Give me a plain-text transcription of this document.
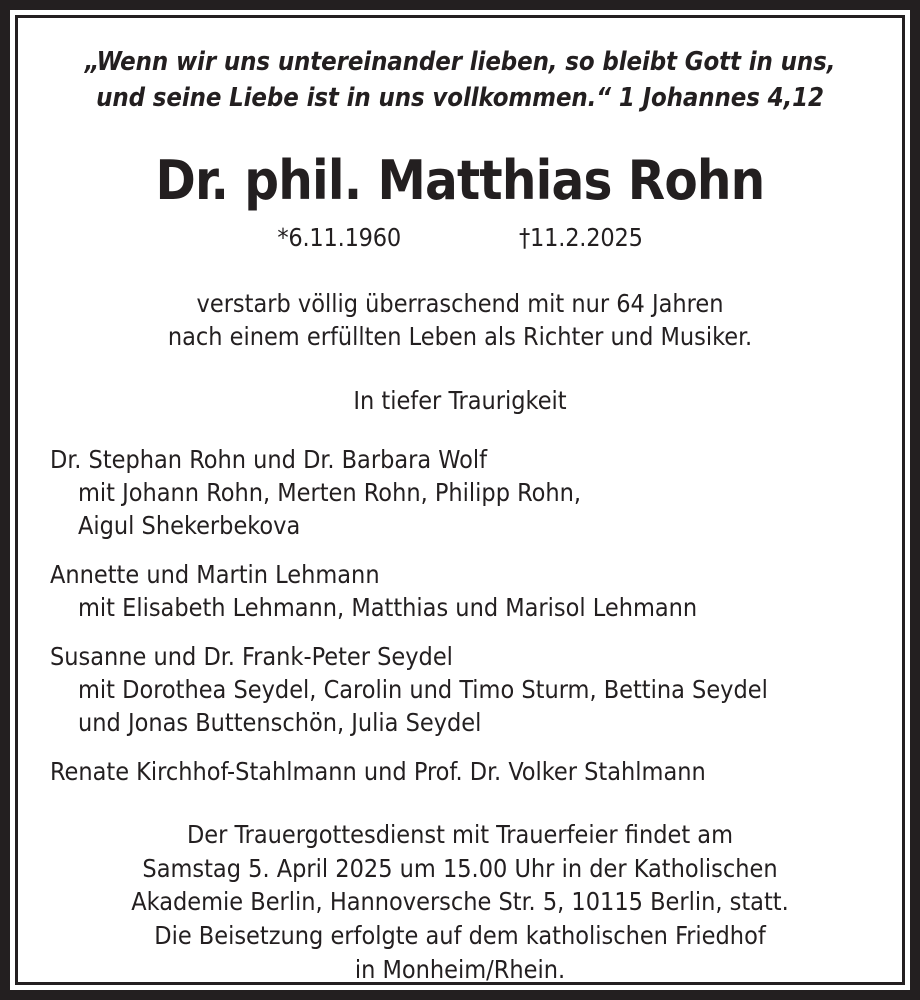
„Wenn wir uns untereinander lieben, so bleibt Gott in uns,
und seine Liebe ist in uns vollkommen.“ 1 Johannes 4,12
Dr. phil. Matthias Rohn
*6.11.1960	†11.2.2025
verstarb völlig überraschend mit nur 64 Jahren
nach einem erfüllten Leben als Richter und Musiker.
In tiefer Traurigkeit
Dr. Stephan Rohn und Dr. Barbara Wolf
mit Johann Rohn, Merten Rohn, Philipp Rohn,
Aigul Shekerbekova
Annette und Martin Lehmann
mit Elisabeth Lehmann, Matthias und Marisol Lehmann
Susanne und Dr. Frank-Peter Seydel
mit Dorothea Seydel, Carolin und Timo Sturm, Bettina Seydel
und Jonas Buttenschön, Julia Seydel
Renate Kirchhof-Stahlmann und Prof. Dr. Volker Stahlmann
Der Trauergottesdienst mit Trauerfeier findet am
Samstag 5. April 2025 um 15.00 Uhr in der Katholischen
Akademie Berlin, Hannoversche Str. 5, 10115 Berlin, statt.
Die Beisetzung erfolgte auf dem katholischen Friedhof
in Monheim/Rhein.
